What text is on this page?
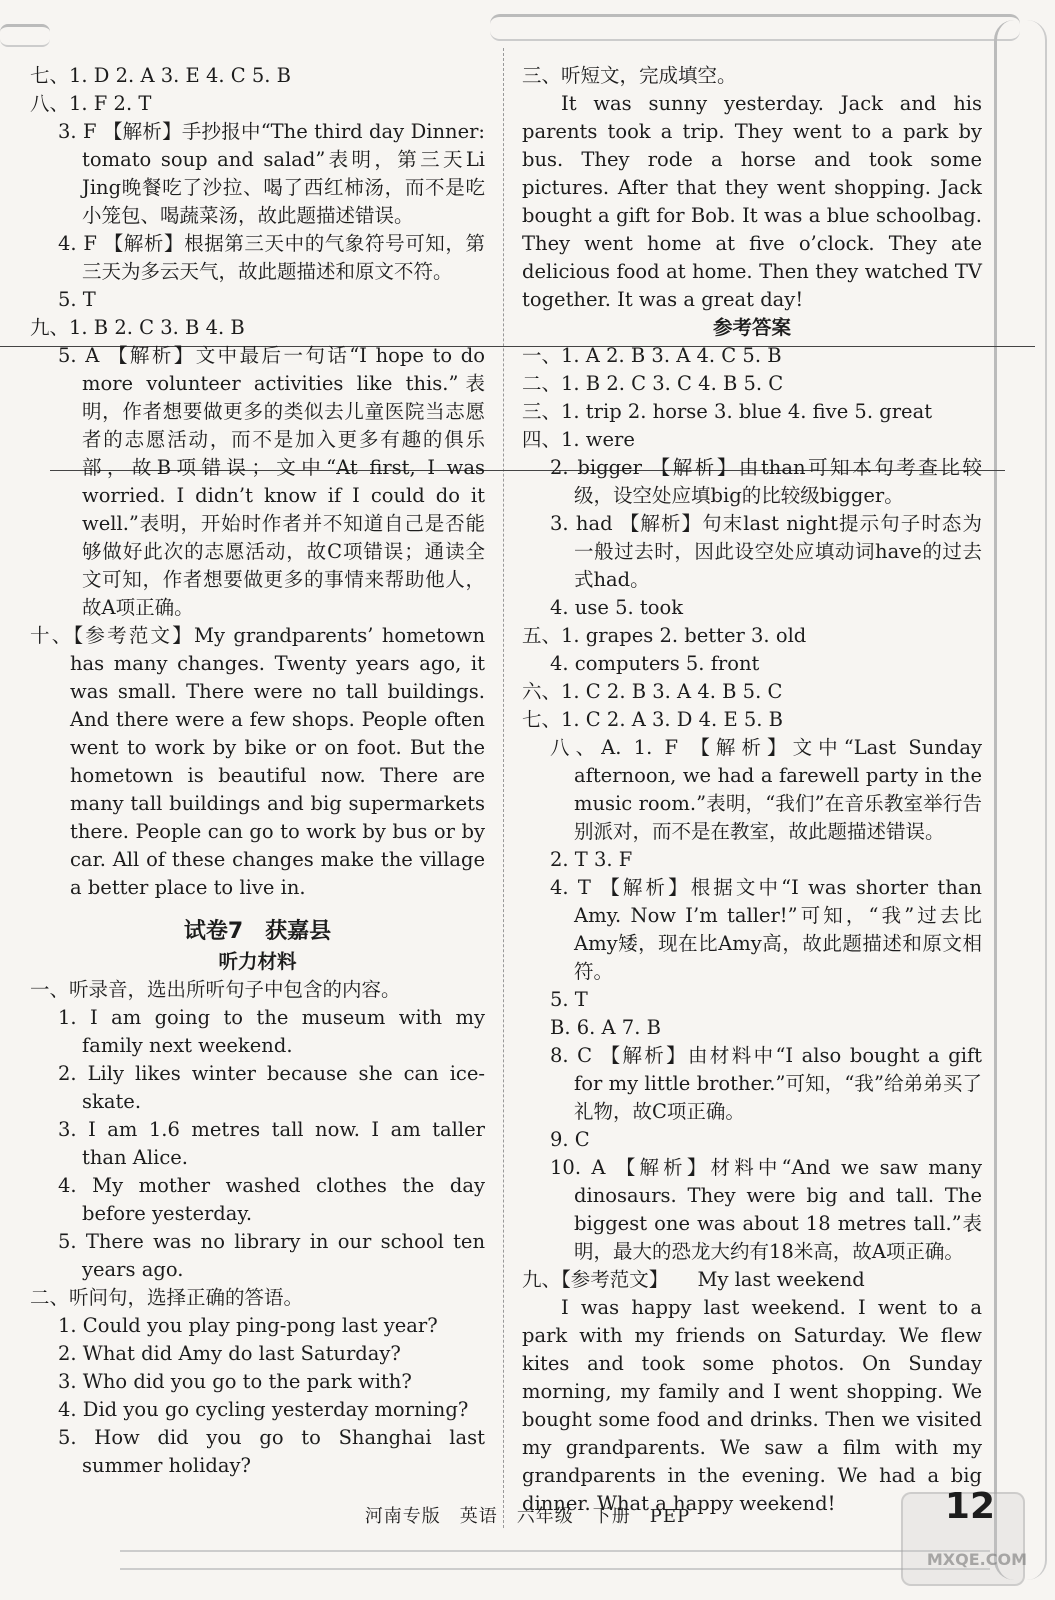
七、1. D 2. A 3. E 4. C 5. B
八、1. F 2. T
3. F 【解析】手抄报中“The third day Dinner: tomato soup and salad”表明，第三天Li Jing晚餐吃了沙拉、喝了西红柿汤，而不是吃小笼包、喝蔬菜汤，故此题描述错误。
4. F 【解析】根据第三天中的气象符号可知，第三天为多云天气，故此题描述和原文不符。
5. T
九、1. B 2. C 3. B 4. B
5. A 【解析】文中最后一句话“I hope to do more volunteer activities like this.”表明，作者想要做更多的类似去儿童医院当志愿者的志愿活动，而不是加入更多有趣的俱乐部，故B项错误；文中“At first, I was worried. I didn’t know if I could do it well.”表明，开始时作者并不知道自己是否能够做好此次的志愿活动，故C项错误；通读全文可知，作者想要做更多的事情来帮助他人，故A项正确。
十、【参考范文】My grandparents’ hometown has many changes. Twenty years ago, it was small. There were no tall buildings. And there were a few shops. People often went to work by bike or on foot. But the hometown is beautiful now. There are many tall buildings and big supermarkets there. People can go to work by bus or by car. All of these changes make the village a better place to live in.
试卷7　获嘉县
听力材料
一、听录音，选出所听句子中包含的内容。
1. I am going to the museum with my family next weekend.
2. Lily likes winter because she can ice-skate.
3. I am 1.6 metres tall now. I am taller than Alice.
4. My mother washed clothes the day before yesterday.
5. There was no library in our school ten years ago.
二、听问句，选择正确的答语。
1. Could you play ping-pong last year?
2. What did Amy do last Saturday?
3. Who did you go to the park with?
4. Did you go cycling yesterday morning?
5. How did you go to Shanghai last summer holiday?
三、听短文，完成填空。
It was sunny yesterday. Jack and his parents took a trip. They went to a park by bus. They rode a horse and took some pictures. After that they went shopping. Jack bought a gift for Bob. It was a blue schoolbag. They went home at five o’clock. They ate delicious food at home. Then they watched TV together. It was a great day!
参考答案
一、1. A 2. B 3. A 4. C 5. B
二、1. B 2. C 3. C 4. B 5. C
三、1. trip 2. horse 3. blue 4. five 5. great
四、1. were
2. bigger 【解析】由than可知本句考查比较级，设空处应填big的比较级bigger。
3. had 【解析】句末last night提示句子时态为一般过去时，因此设空处应填动词have的过去式had。
4. use 5. took
五、1. grapes 2. better 3. old
4. computers 5. front
六、1. C 2. B 3. A 4. B 5. C
七、1. C 2. A 3. D 4. E 5. B
八、A. 1. F 【解析】文中“Last Sunday afternoon, we had a farewell party in the music room.”表明，“我们”在音乐教室举行告别派对，而不是在教室，故此题描述错误。
2. T 3. F
4. T 【解析】根据文中“I was shorter than Amy. Now I’m taller!”可知，“我”过去比Amy矮，现在比Amy高，故此题描述和原文相符。
5. T
B. 6. A 7. B
8. C 【解析】由材料中“I also bought a gift for my little brother.”可知，“我”给弟弟买了礼物，故C项正确。
9. C
10. A 【解析】材料中“And we saw many dinosaurs. They were big and tall. The biggest one was about 18 metres tall.”表明，最大的恐龙大约有18米高，故A项正确。
九、【参考范文】　　My last weekend
I was happy last weekend. I went to a park with my friends on Saturday. We flew kites and took some photos. On Sunday morning, my family and I went shopping. We bought some food and drinks. Then we visited my grandparents. We saw a film with my grandparents in the evening. We had a big dinner. What a happy weekend!
河南专版　英语　六年级　下册　PEP	12
MXQE.COM
